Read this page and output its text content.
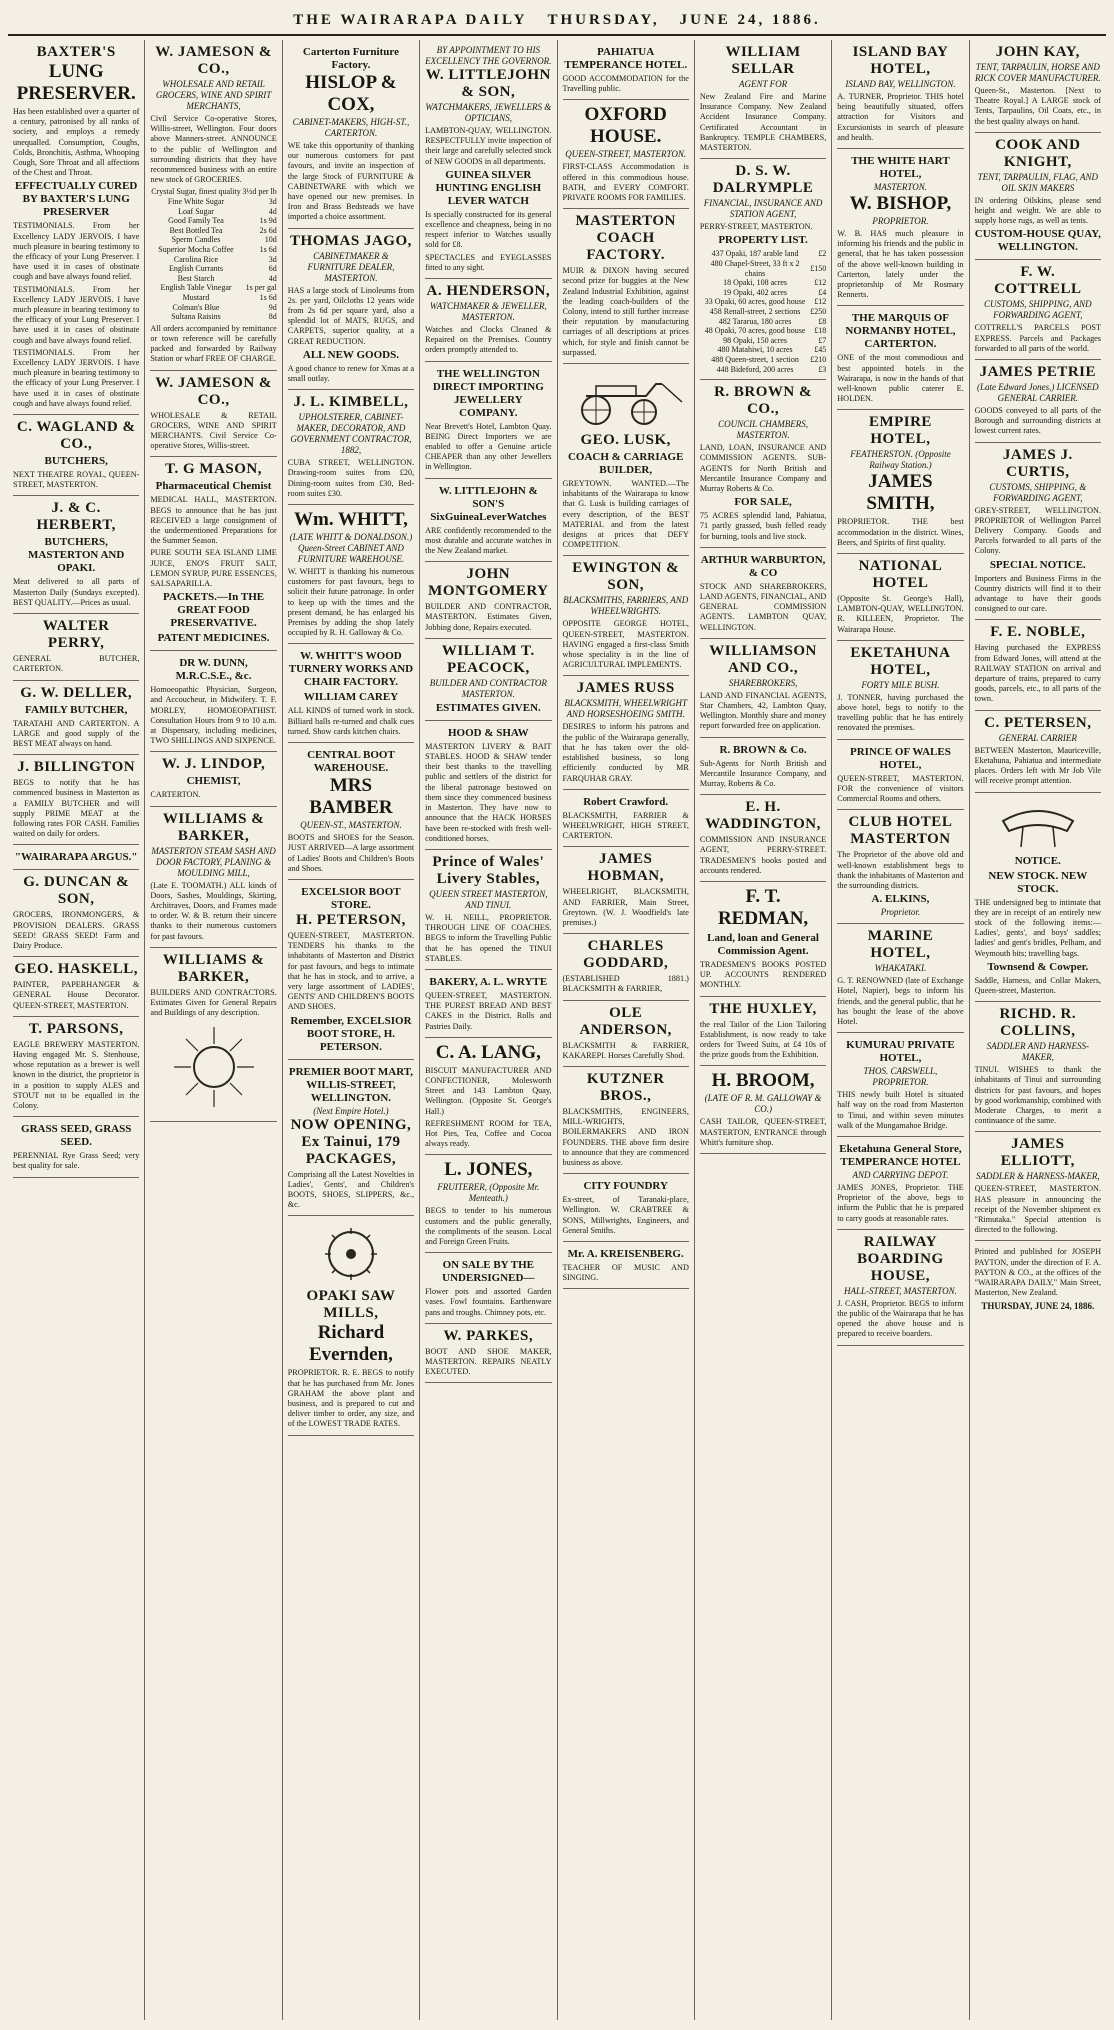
THE WAIRARAPA DAILY THURSDAY, JUNE 24, 1886.
BAXTER'S
LUNG PRESERVER.

Has been established over a quarter of a century, patronised by all ranks of society, and employs a remedy unequalled. Consumption, Coughs, Colds, Bronchitis, Asthma, Whooping Cough, Sore Throat and all affections of the Chest and Throat.

EFFECTUALLY CURED BY BAXTER'S LUNG PRESERVER

TESTIMONIALS. From her Excellency LADY JERVOIS. I have much pleasure in bearing testimony to the efficacy of your Lung Preserver. I have used it in cases of obstinate cough and have always found relief.

TESTIMONIALS. From her Excellency LADY JERVOIS. I have much pleasure in bearing testimony to the efficacy of your Lung Preserver. I have used it in cases of obstinate cough and have always found relief.

TESTIMONIALS. From her Excellency LADY JERVOIS. I have much pleasure in bearing testimony to the efficacy of your Lung Preserver. I have used it in cases of obstinate cough and have always found relief.

C. WAGLAND & CO.,
BUTCHERS,

NEXT THEATRE ROYAL, QUEEN-STREET, MASTERTON.

J. & C. HERBERT,
BUTCHERS, MASTERTON AND OPAKI.

Meat delivered to all parts of Masterton Daily (Sundays excepted). BEST QUALITY.—Prices as usual.

WALTER PERRY,

GENERAL BUTCHER, CARTERTON.

G. W. DELLER,
FAMILY BUTCHER,

TARATAHI AND CARTERTON. A LARGE and good supply of the BEST MEAT always on hand.

J. BILLINGTON

BEGS to notify that he has commenced business in Masterton as a FAMILY BUTCHER and will supply PRIME MEAT at the following rates FOR CASH. Families waited on daily for orders.

"WAIRARAPA ARGUS."
G. DUNCAN & SON,

GROCERS, IRONMONGERS, & PROVISION DEALERS. GRASS SEED! GRASS SEED! Farm and Dairy Produce.

GEO. HASKELL,

PAINTER, PAPERHANGER & GENERAL House Decorator. QUEEN-STREET, MASTERTON.

T. PARSONS,

EAGLE BREWERY MASTERTON. Having engaged Mr. S. Stenhouse, whose reputation as a brewer is well known in the district, the proprietor is in a position to supply ALES and STOUT not to be equalled in the Colony.

GRASS SEED, GRASS SEED.

PERENNIAL Rye Grass Seed; very best quality for sale.

W. JAMESON & CO.,
WHOLESALE AND RETAIL GROCERS, WINE AND SPIRIT MERCHANTS,

Civil Service Co-operative Stores, Willis-street, Wellington. Four doors above Manners-street. ANNOUNCE to the public of Wellington and surrounding districts that they have recommenced business with an entire new stock of GROCERIES.

Crystal Sugar, finest quality	3½d per lb
Fine White Sugar	3d
Loaf Sugar	4d
Good Family Tea	1s 9d
Best Bottled Tea	2s 6d
Sperm Candles	10d
Superior Mocha Coffee	1s 6d
Carolina Rice	3d
English Currants	6d
Best Starch	4d
English Table Vinegar	1s per gal
Mustard	1s 6d
Colman's Blue	9d
Sultana Raisins	8d

All orders accompanied by remittance or town reference will be carefully packed and forwarded by Railway Station or wharf FREE OF CHARGE.

W. JAMESON & CO.,

WHOLESALE & RETAIL GROCERS, WINE AND SPIRIT MERCHANTS. Civil Service Co-operative Stores, Willis-street.

T. G MASON,
Pharmaceutical Chemist

MEDICAL HALL, MASTERTON. BEGS to announce that he has just RECEIVED a large consignment of the undermentioned Preparations for the Summer Season.

PURE SOUTH SEA ISLAND LIME JUICE, ENO'S FRUIT SALT, LEMON SYRUP, PURE ESSENCES, SALSAPARILLA.

PACKETS.—In THE GREAT FOOD PRESERVATIVE.
PATENT MEDICINES.
DR W. DUNN, M.R.C.S.E., &c.

Homoeopathic Physician, Surgeon, and Accoucheur, in Midwifery. T. F. MORLEY, HOMOEOPATHIST. Consultation Hours from 9 to 10 a.m. at Dispensary, including medicines, TWO SHILLINGS AND SIXPENCE.

W. J. LINDOP,
CHEMIST,

CARTERTON.

WILLIAMS & BARKER,
MASTERTON STEAM SASH AND DOOR FACTORY, PLANING & MOULDING MILL,

(Late E. TOOMATH.) ALL kinds of Doors, Sashes, Mouldings, Skirting, Architraves, Doors, and Frames made to order. W. & B. return their sincere thanks to their numerous customers for past favours.

WILLIAMS & BARKER,

BUILDERS AND CONTRACTORS. Estimates Given for General Repairs and Buildings of any description.

Carterton Furniture Factory.
HISLOP & COX,
CABINET-MAKERS, HIGH-ST., CARTERTON.

WE take this opportunity of thanking our numerous customers for past favours, and invite an inspection of the large Stock of FURNITURE & CABINETWARE with which we have opened our new premises. In Iron and Brass Bedsteads we have imported a choice assortment.

THOMAS JAGO,
CABINETMAKER & FURNITURE DEALER, MASTERTON.

HAS a large stock of Linoleums from 2s. per yard, Oilcloths 12 years wide from 2s 6d per square yard, also a splendid lot of MATS, RUGS, and CARPETS, superior quality, at a GREAT REDUCTION.

ALL NEW GOODS.

A good chance to renew for Xmas at a small outlay.

J. L. KIMBELL,
UPHOLSTERER, CABINET-MAKER, DECORATOR, AND GOVERNMENT CONTRACTOR, 1882,

CUBA STREET, WELLINGTON. Drawing-room suites from £20, Dining-room suites from £30, Bed-room suites £30.

Wm. WHITT,
(LATE WHITT & DONALDSON.) Queen-Street CABINET AND FURNITURE WAREHOUSE.

W. WHITT is thanking his numerous customers for past favours, begs to solicit their future patronage. In order to keep up with the times and the present demand, he has enlarged his Premises by adding the shop lately occupied by R. H. Galloway & Co.

W. WHITT'S WOOD TURNERY WORKS AND CHAIR FACTORY.
WILLIAM CAREY

ALL KINDS of turned work in stock. Billiard balls re-turned and chalk cues turned. Show cards kitchen chairs.

CENTRAL BOOT WAREHOUSE.
MRS BAMBER
QUEEN-ST., MASTERTON.

BOOTS and SHOES for the Season. JUST ARRIVED—A large assortment of Ladies' Boots and Children's Boots and Shoes.

EXCELSIOR BOOT STORE.
H. PETERSON,

QUEEN-STREET, MASTERTON. TENDERS his thanks to the inhabitants of Masterton and District for past favours, and begs to intimate that he has in stock, and to arrive, a very large assortment of LADIES', GENTS' AND CHILDREN'S BOOTS AND SHOES.

Remember, EXCELSIOR BOOT STORE, H. PETERSON.
PREMIER BOOT MART, WILLIS-STREET, WELLINGTON.
(Next Empire Hotel.)
NOW OPENING, Ex Tainui, 179 PACKAGES,

Comprising all the Latest Novelties in Ladies', Gents', and Children's BOOTS, SHOES, SLIPPERS, &c., &c.

OPAKI SAW MILLS,
Richard Evernden,

PROPRIETOR. R. E. BEGS to notify that he has purchased from Mr. Jones GRAHAM the above plant and business, and is prepared to cut and deliver timber to order, any size, and of the LOWEST TRADE RATES.

BY APPOINTMENT TO HIS EXCELLENCY THE GOVERNOR.
W. LITTLEJOHN & SON,
WATCHMAKERS, JEWELLERS & OPTICIANS,

LAMBTON-QUAY, WELLINGTON. RESPECTFULLY invite inspection of their large and carefully selected stock of NEW GOODS in all departments.

GUINEA SILVER HUNTING ENGLISH LEVER WATCH

Is specially constructed for its general excellence and cheapness, being in no respect inferior to Watches usually sold for £8.

SPECTACLES and EYEGLASSES fitted to any sight.

A. HENDERSON,
WATCHMAKER & JEWELLER, MASTERTON.

Watches and Clocks Cleaned & Repaired on the Premises. Country orders promptly attended to.

THE WELLINGTON DIRECT IMPORTING JEWELLERY COMPANY.

Near Brevett's Hotel, Lambton Quay. BEING Direct Importers we are enabled to offer a Genuine article CHEAPER than any other Jewellers in Wellington.

W. LITTLEJOHN & SON'S SixGuineaLeverWatches

ARE confidently recommended to the most durable and accurate watches in the New Zealand market.

JOHN MONTGOMERY

BUILDER AND CONTRACTOR, MASTERTON. Estimates Given, Jobbing done, Repairs executed.

WILLIAM T. PEACOCK,
BUILDER AND CONTRACTOR MASTERTON.
ESTIMATES GIVEN.
HOOD & SHAW

MASTERTON LIVERY & BAIT STABLES. HOOD & SHAW tender their best thanks to the travelling public and settlers of the district for the liberal patronage bestowed on them since they commenced business in Masterton. They have now to announce that the HACK HORSES have been re-stocked with fresh well-conditioned horses.

Prince of Wales' Livery Stables,
QUEEN STREET MASTERTON, AND TINUI.

W. H. NEILL, PROPRIETOR. THROUGH LINE OF COACHES. BEGS to inform the Travelling Public that he has opened the TINUI STABLES.

BAKERY, A. L. WRYTE

QUEEN-STREET, MASTERTON. THE PUREST BREAD AND BEST CAKES in the District. Rolls and Pastries Daily.

C. A. LANG,

BISCUIT MANUFACTURER AND CONFECTIONER, Molesworth Street and 143 Lambton Quay, Wellington. (Opposite St. George's Hall.)

REFRESHMENT ROOM for TEA, Hot Pies, Tea, Coffee and Cocoa always ready.

L. JONES,
FRUITERER, (Opposite Mr. Menteath.)

BEGS to tender to his numerous customers and the public generally, the compliments of the season. Local and Foreign Green Fruits.

ON SALE BY THE UNDERSIGNED—

Flower pots and assorted Garden vases. Fowl fountains. Earthenware pans and troughs. Chimney pots, etc.

W. PARKES,

BOOT AND SHOE MAKER, MASTERTON. REPAIRS NEATLY EXECUTED.

PAHIATUA TEMPERANCE HOTEL.

GOOD ACCOMMODATION for the Travelling public.

OXFORD HOUSE.
QUEEN-STREET, MASTERTON.

FIRST-CLASS Accommodation is offered in this commodious house. BATH, and EVERY COMFORT. PRIVATE ROOMS FOR FAMILIES.

MASTERTON COACH FACTORY.

MUIR & DIXON having secured second prize for buggies at the New Zealand Industrial Exhibition, against the leading coach-builders of the Colony, intend to still further increase their reputation by manufacturing carriages of all descriptions at prices which, for style and finish cannot be surpassed.

GEO. LUSK,
COACH & CARRIAGE BUILDER,

GREYTOWN. WANTED.—The inhabitants of the Wairarapa to know that G. Lusk is building carriages of every description, of the BEST MATERIAL and from the latest designs at prices that DEFY COMPETITION.

EWINGTON & SON,
BLACKSMITHS, FARRIERS, AND WHEELWRIGHTS.

OPPOSITE GEORGE HOTEL, QUEEN-STREET, MASTERTON. HAVING engaged a first-class Smith whose speciality is in the line of AGRICULTURAL IMPLEMENTS.

JAMES RUSS
BLACKSMITH, WHEELWRIGHT AND HORSESHOEING SMITH.

DESIRES to inform his patrons and the public of the Wairarapa generally, that he has taken over the old-established business, so long efficiently conducted by MR FARQUHAR GRAY.

Robert Crawford.

BLACKSMITH, FARRIER & WHEELWRIGHT, HIGH STREET, CARTERTON.

JAMES HOBMAN,

WHEELRIGHT, BLACKSMITH, AND FARRIER, Main Street, Greytown. (W. J. Woodfield's late premises.)

CHARLES GODDARD,

(ESTABLISHED 1881.) BLACKSMITH & FARRIER,

OLE ANDERSON,

BLACKSMITH & FARRIER, KAKAREPI. Horses Carefully Shod.

KUTZNER BROS.,

BLACKSMITHS, ENGINEERS, MILL-WRIGHTS, BOILERMAKERS AND IRON FOUNDERS. THE above firm desire to announce that they are commenced business as above.

CITY FOUNDRY

Ex-street, of Taranaki-place, Wellington. W. CRABTREE & SONS, Millwrights, Engineers, and General Smiths.

Mr. A. KREISENBERG.

TEACHER OF MUSIC AND SINGING.

WILLIAM SELLAR
AGENT FOR

New Zealand Fire and Marine Insurance Company. New Zealand Accident Insurance Company. Certificated Accountant in Bankruptcy. TEMPLE CHAMBERS, MASTERTON.

D. S. W. DALRYMPLE
FINANCIAL, INSURANCE AND STATION AGENT,

PERRY-STREET, MASTERTON.

PROPERTY LIST.
437 Opaki, 187 arable land	£2
480 Chapel-Street, 33 ft x 2 chains	£150
18 Opaki, 108 acres	£12
19 Opaki, 402 acres	£4
33 Opaki, 60 acres, good house	£12
458 Renall-street, 2 sections	£250
482 Tararua, 180 acres	£8
48 Opaki, 70 acres, good house	£18
98 Opaki, 150 acres	£7
480 Matahiwi, 10 acres	£45
488 Queen-street, 1 section	£210
448 Bideford, 200 acres	£3
R. BROWN & CO.,
COUNCIL CHAMBERS, MASTERTON.

LAND, LOAN, INSURANCE AND COMMISSION AGENTS. SUB-AGENTS for North British and Mercantile Insurance Company and Murray Roberts & Co.

FOR SALE,

75 ACRES splendid land, Pahiatua, 71 partly grassed, bush felled ready for burning, tools and live stock.

ARTHUR WARBURTON, & CO

STOCK AND SHAREBROKERS, LAND AGENTS, FINANCIAL, AND GENERAL COMMISSION AGENTS. LAMBTON QUAY, WELLINGTON.

WILLIAMSON AND CO.,
SHAREBROKERS,

LAND AND FINANCIAL AGENTS, Star Chambers, 42, Lambton Quay, Wellington. Monthly share and money report forwarded free on application.

R. BROWN & Co.

Sub-Agents for North British and Mercantile Insurance Company, and Murray, Roberts & Co.

E. H. WADDINGTON,

COMMISSION AND INSURANCE AGENT, PERRY-STREET. TRADESMEN'S books posted and accounts rendered.

F. T. REDMAN,
Land, loan and General Commission Agent.

TRADESMEN'S BOOKS POSTED UP. ACCOUNTS RENDERED MONTHLY.

THE HUXLEY,

the real Tailor of the Lion Tailoring Establishment, is now ready to take orders for Tweed Suits, at £4 10s of the prize goods from the Exhibition.

H. BROOM,
(LATE OF R. M. GALLOWAY & CO.)

CASH TAILOR, QUEEN-STREET, MASTERTON, ENTRANCE through Whitt's furniture shop.

ISLAND BAY HOTEL,
ISLAND BAY, WELLINGTON.

A. TURNER, Proprietor. THIS hotel being beautifully situated, offers attraction for Visitors and Excursionists in search of pleasure and health.

THE WHITE HART HOTEL,
MASTERTON.
W. BISHOP,
PROPRIETOR.

W. B. HAS much pleasure in informing his friends and the public in general, that he has taken possession of the above well-known building in Carterton, lately under the proprietorship of Mr Rosmary Rennerts.

THE MARQUIS OF NORMANBY HOTEL, CARTERTON.

ONE of the most commodious and best appointed hotels in the Wairarapa, is now in the hands of that well-known public caterer E. HOLDEN.

EMPIRE HOTEL,
FEATHERSTON. (Opposite Railway Station.)
JAMES SMITH,

PROPRIETOR. THE best accommodation in the district. Wines, Beers, and Spirits of first quality.

NATIONAL HOTEL

(Opposite St. George's Hall), LAMBTON-QUAY, WELLINGTON. R. KILLEEN, Proprietor. The Wairarapa House.

EKETAHUNA HOTEL,
FORTY MILE BUSH.

J. TONNER, having purchased the above hotel, begs to notify to the travelling public that he has entirely renovated the premises.

PRINCE OF WALES HOTEL,

QUEEN-STREET, MASTERTON. FOR the convenience of visitors Commercial Rooms and others.

CLUB HOTEL MASTERTON

The Proprietor of the above old and well-known establishment begs to thank the inhabitants of Masterton and the surrounding districts.

A. ELKINS,
Proprietor.
MARINE HOTEL,
WHAKATAKI.

G. T. RENOWNED (late of Exchange Hotel, Napier), begs to inform his friends, and the general public, that he has bought the lease of the above Hotel.

KUMURAU PRIVATE HOTEL,
THOS. CARSWELL, PROPRIETOR.

THIS newly built Hotel is situated half way on the road from Masterton to Tinui, and within seven minutes walk of the Mungamahoe Bridge.

Eketahuna General Store, TEMPERANCE HOTEL
AND CARRYING DEPOT.

JAMES JONES, Proprietor. THE Proprietor of the above, begs to inform the Public that he is prepared to carry goods at reasonable rates.

RAILWAY BOARDING HOUSE,
HALL-STREET, MASTERTON.

J. CASH, Proprietor. BEGS to inform the public of the Wairarapa that he has opened the above house and is prepared to receive boarders.

JOHN KAY,
TENT, TARPAULIN, HORSE AND RICK COVER MANUFACTURER.

Queen-St., Masterton. [Next to Theatre Royal.] A LARGE stock of Tents, Tarpaulins, Oil Coats, etc., in the best quality always on hand.

COOK AND KNIGHT,
TENT, TARPAULIN, FLAG, AND OIL SKIN MAKERS

IN ordering Oilskins, please send height and weight. We are able to supply horse rugs, as well as tents.

CUSTOM-HOUSE QUAY, WELLINGTON.
F. W. COTTRELL
CUSTOMS, SHIPPING, AND FORWARDING AGENT,

COTTRELL'S PARCELS POST EXPRESS. Parcels and Packages forwarded to all parts of the world.

JAMES PETRIE
(Late Edward Jones,) LICENSED GENERAL CARRIER.

GOODS conveyed to all parts of the Borough and surrounding districts at lowest current rates.

JAMES J. CURTIS,
CUSTOMS, SHIPPING, & FORWARDING AGENT,

GREY-STREET, WELLINGTON. PROPRIETOR of Wellington Parcel Delivery Company. Goods and Parcels forwarded to all parts of the Colony.

SPECIAL NOTICE.

Importers and Business Firms in the Country districts will find it to their advantage to have their goods consigned to our care.

F. E. NOBLE,

Having purchased the EXPRESS from Edward Jones, will attend at the RAILWAY STATION on arrival and departure of trains, prepared to carry goods, parcels, etc., to all parts of the town.

C. PETERSEN,
GENERAL CARRIER

BETWEEN Masterton, Mauriceville, Eketahuna, Pahiatua and intermediate places. Orders left with Mr Job Vile will receive prompt attention.

NOTICE.
NEW STOCK. NEW STOCK.

THE undersigned beg to intimate that they are in receipt of an entirely new stock of the following items:—Ladies', gents', and boys' saddles; ladies' and gent's bridles, Pelham, and Weymouth bits; travelling bags.

Townsend & Cowper.

Saddle, Harness, and Collar Makers, Queen-street, Masterton.

RICHD. R. COLLINS,
SADDLER AND HARNESS-MAKER,

TINUI. WISHES to thank the inhabitants of Tinui and surrounding districts for past favours, and hopes by good workmanship, combined with Moderate Charges, to merit a continuance of the same.

JAMES ELLIOTT,
SADDLER & HARNESS-MAKER,

QUEEN-STREET, MASTERTON. HAS pleasure in announcing the receipt of the November shipment ex "Rimutaka." Special attention is directed to the following.

Printed and published for JOSEPH PAYTON, under the direction of F. A. PAYTON & CO., at the offices of the "WAIRARAPA DAILY," Main Street, Masterton, New Zealand.

THURSDAY, JUNE 24, 1886.
